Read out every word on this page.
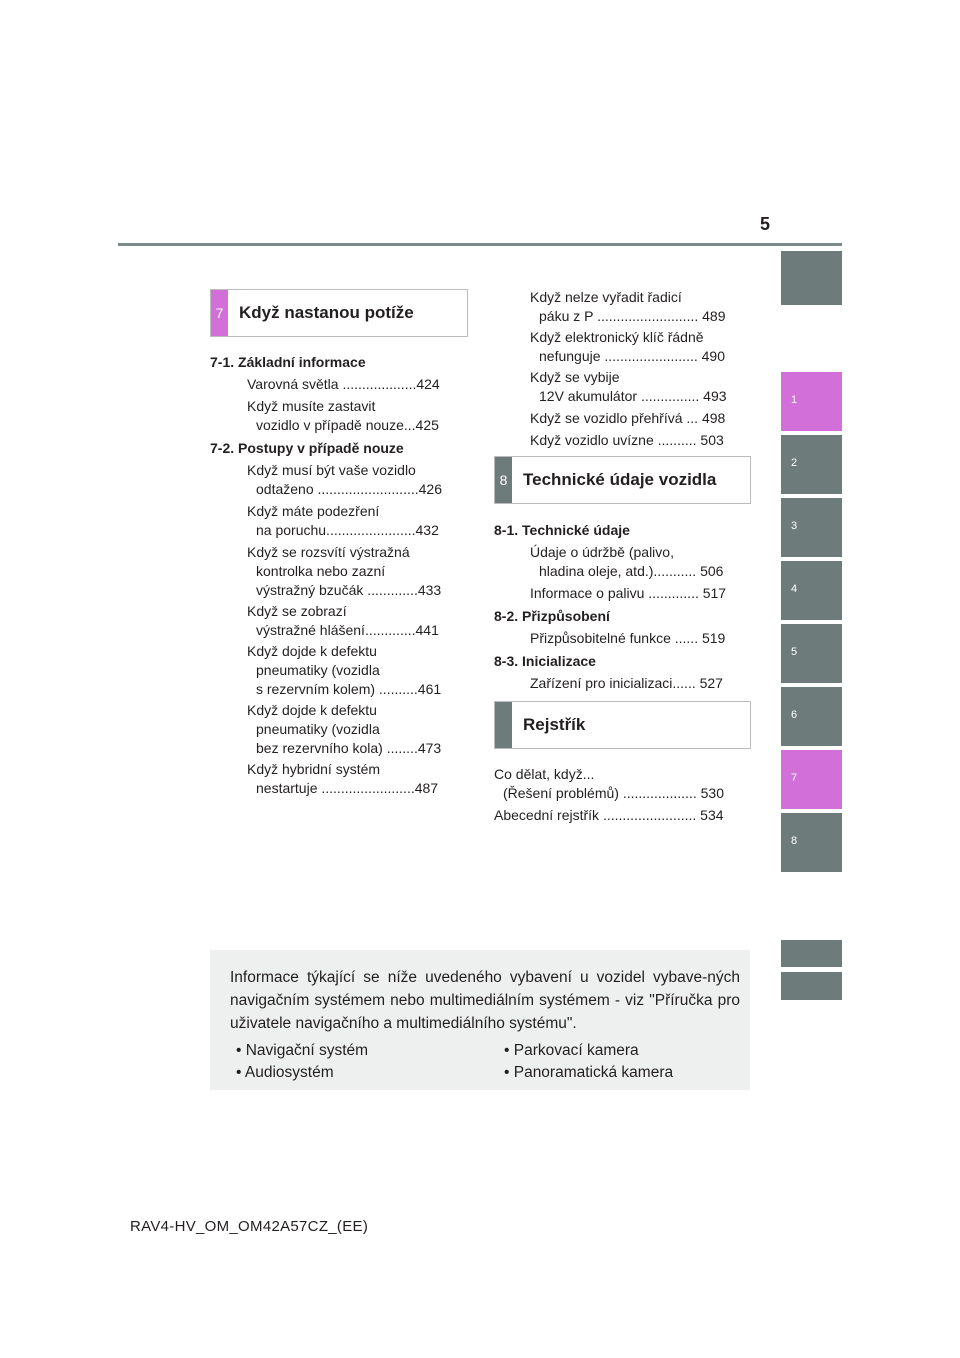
5
1
2
3
4
5
6
7
8
7 Když nastanou potíže
7-1. Základní informace
Varovná světla ...................424
Když musíte zastavit
vozidlo v případě nouze...425
7-2. Postupy v případě nouze
Když musí být vaše vozidlo
odtaženo ..........................426
Když máte podezření
na poruchu.......................432
Když se rozsvítí výstražná
kontrolka nebo zazní
výstražný bzučák .............433
Když se zobrazí
výstražné hlášení.............441
Když dojde k defektu
pneumatiky (vozidla
s rezervním kolem) ..........461
Když dojde k defektu
pneumatiky (vozidla
bez rezervního kola) ........473
Když hybridní systém
nestartuje ........................487
Když nelze vyřadit řadicí
páku z P .......................... 489
Když elektronický klíč řádně
nefunguje ........................ 490
Když se vybije
12V akumulátor ............... 493
Když se vozidlo přehřívá ... 498
Když vozidlo uvízne .......... 503
8 Technické údaje vozidla
8-1. Technické údaje
Údaje o údržbě (palivo,
hladina oleje, atd.)........... 506
Informace o palivu ............. 517
8-2. Přizpůsobení
Přizpůsobitelné funkce ...... 519
8-3. Inicializace
Zařízení pro inicializaci...... 527
Rejstřík
Co dělat, když...
(Řešení problémů) ................... 530
Abecední rejstřík ........................ 534
Informace týkající se níže uvedeného vybavení u vozidel vybave-ných navigačním systémem nebo multimediálním systémem - viz "Příručka pro uživatele navigačního a multimediálního systému".
• Navigační systém
• Audiosystém
• Parkovací kamera
• Panoramatická kamera
RAV4-HV_OM_OM42A57CZ_(EE)
